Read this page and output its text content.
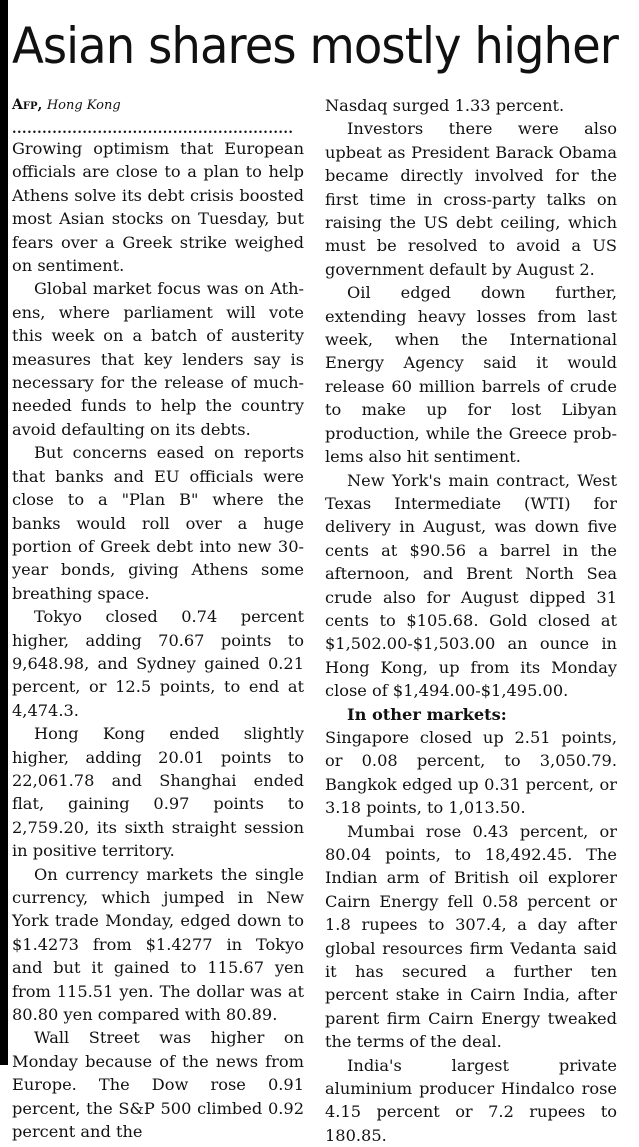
Asian shares mostly higher

Afp, Hong Kong

........................................................

Growing optimism that European officials are close to a plan to help Athens solve its debt crisis boosted most Asian stocks on Tuesday, but fears over a Greek strike weighed on sentiment.

Global market focus was on Athens, where parliament will vote this week on a batch of austerity measures that key lenders say is necessary for the release of much-needed funds to help the country avoid defaulting on its debts.

But concerns eased on reports that banks and EU officials were close to a "Plan B" where the banks would roll over a huge portion of Greek debt into new 30-year bonds, giving Athens some breathing space.

Tokyo closed 0.74 percent higher, adding 70.67 points to 9,648.98, and Sydney gained 0.21 percent, or 12.5 points, to end at 4,474.3.

Hong Kong ended slightly higher, adding 20.01 points to 22,061.78 and Shanghai ended flat, gaining 0.97 points to 2,759.20, its sixth straight session in positive territory.

On currency markets the single currency, which jumped in New York trade Monday, edged down to $1.4273 from $1.4277 in Tokyo and but it gained to 115.67 yen from 115.51 yen. The dollar was at 80.80 yen compared with 80.89.

Wall Street was higher on Monday because of the news from Europe. The Dow rose 0.91 percent, the S&P 500 climbed 0.92 percent and the

Nasdaq surged 1.33 percent.

Investors there were also upbeat as President Barack Obama became directly involved for the first time in cross-party talks on raising the US debt ceiling, which must be resolved to avoid a US government default by August 2.

Oil edged down further, extending heavy losses from last week, when the International Energy Agency said it would release 60 million barrels of crude to make up for lost Libyan production, while the Greece problems also hit sentiment.

New York's main contract, West Texas Intermediate (WTI) for delivery in August, was down five cents at $90.56 a barrel in the afternoon, and Brent North Sea crude also for August dipped 31 cents to $105.68. Gold closed at $1,502.00-$1,503.00 an ounce in Hong Kong, up from its Monday close of $1,494.00-$1,495.00.

In other markets:

Singapore closed up 2.51 points, or 0.08 percent, to 3,050.79. Bangkok edged up 0.31 percent, or 3.18 points, to 1,013.50.

Mumbai rose 0.43 percent, or 80.04 points, to 18,492.45. The Indian arm of British oil explorer Cairn Energy fell 0.58 percent or 1.8 rupees to 307.4, a day after global resources firm Vedanta said it has secured a further ten percent stake in Cairn India, after parent firm Cairn Energy tweaked the terms of the deal.

India's largest private aluminium producer Hindalco rose 4.15 percent or 7.2 rupees to 180.85.
